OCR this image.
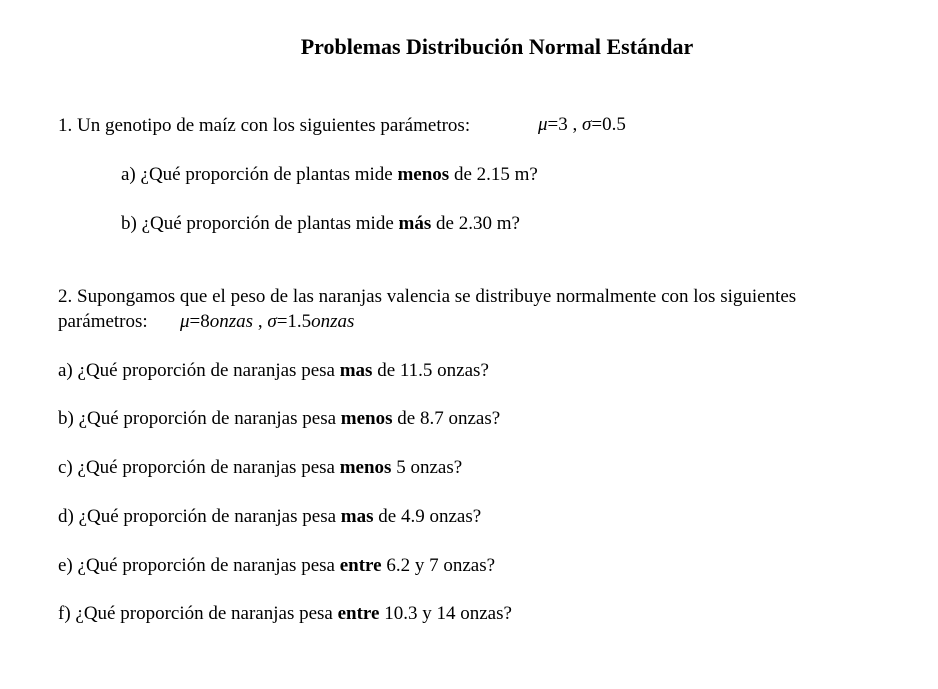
Problemas Distribución Normal Estándar
1. Un genotipo de maíz con los siguientes parámetros:	μ=3 , σ=0.5
a) ¿Qué proporción de plantas mide menos de 2.15 m?
b) ¿Qué proporción de plantas mide más de 2.30 m?
2. Supongamos que el peso de las naranjas valencia se distribuye normalmente con los siguientes
parámetros: μ=8onzas , σ=1.5onzas
a) ¿Qué proporción de naranjas pesa mas de 11.5 onzas?
b) ¿Qué proporción de naranjas pesa menos de 8.7 onzas?
c) ¿Qué proporción de naranjas pesa menos 5 onzas?
d) ¿Qué proporción de naranjas pesa mas de 4.9 onzas?
e) ¿Qué proporción de naranjas pesa entre 6.2 y 7 onzas?
f) ¿Qué proporción de naranjas pesa entre 10.3 y 14 onzas?
